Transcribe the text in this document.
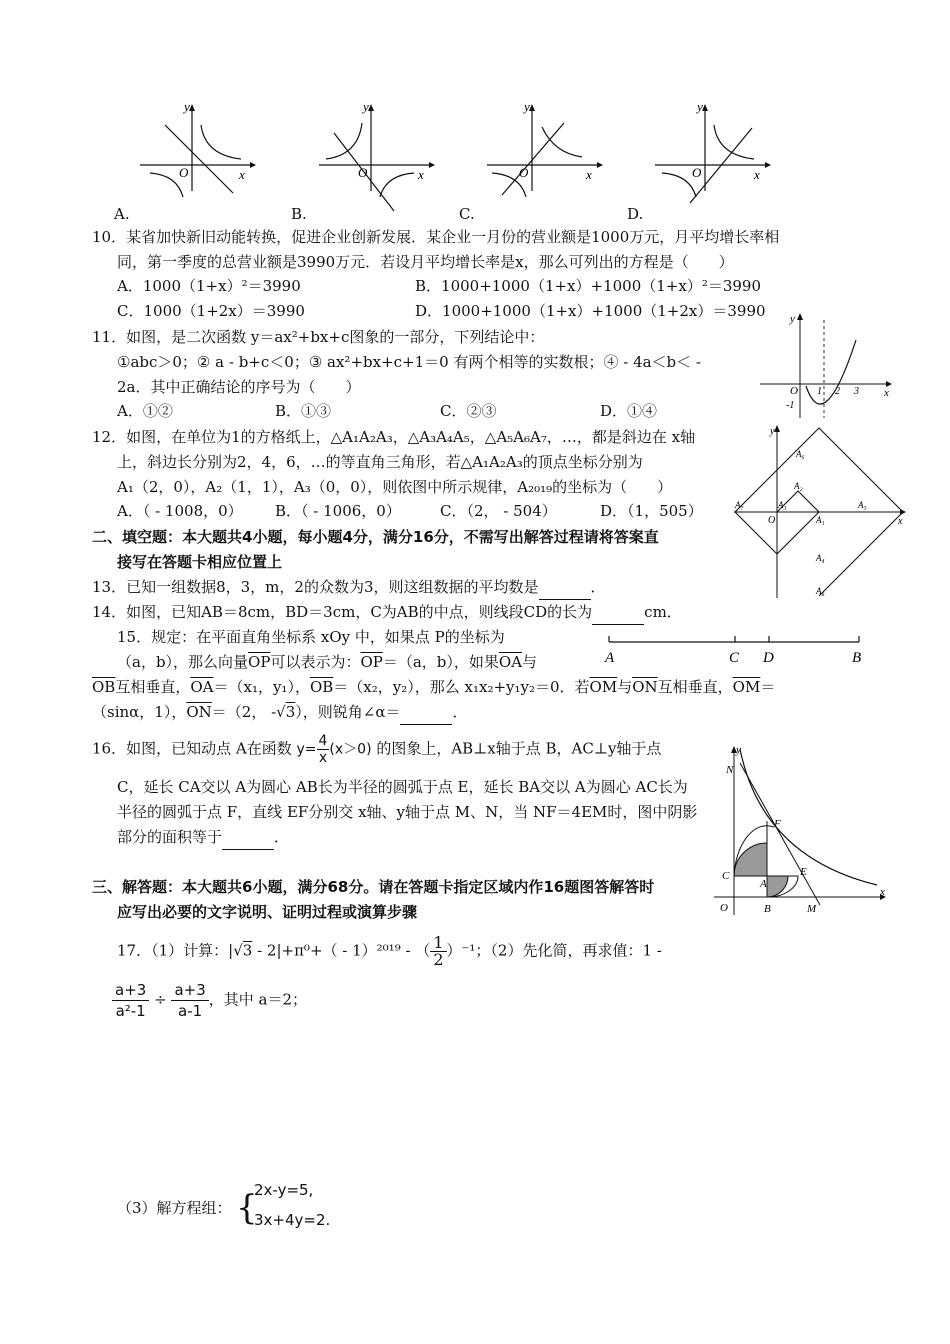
y
x
O
y
x
O
y
x
O
y
x
O
A.	B.	C.	D.
10．某省加快新旧动能转换，促进企业创新发展．某企业一月份的营业额是1000万元，月平均增长率相
同，第一季度的总营业额是3990万元．若设月平均增长率是x，那么可列出的方程是（　　）
A．1000（1+x）²＝3990	B．1000+1000（1+x）+1000（1+x）²＝3990
C．1000（1+2x）＝3990	D．1000+1000（1+x）+1000（1+2x）＝3990
11．如图，是二次函数 y＝ax²+bx+c图象的一部分，下列结论中：
①abc＞0；② a - b+c＜0；③ ax²+bx+c+1＝0 有两个相等的实数根；④ - 4a＜b＜ -
2a．其中正确结论的序号为（　　）
A．①②	B．①③	C．②③	D．①④
y
x
O 1 2 3
-1
12．如图，在单位为1的方格纸上，△A₁A₂A₃，△A₃A₄A₅，△A₅A₆A₇，…，都是斜边在 x轴
上，斜边长分别为2，4，6，…的等直角三角形，若△A₁A₂A₃的顶点坐标分别为
A₁（2，0），A₂（1，1），A₃（0，0），则依图中所示规律，A₂₀₁₉的坐标为（　　）
A．（ - 1008，0） B．（ - 1006，0）	C．（2， - 504）	D．（1，505）
y
x
O	A₁
A₂
A₃
A₄
A₅
A₆
A₇
A₈
二、填空题：本大题共4小题，每小题4分，满分16分，不需写出解答过程请将答案直
接写在答题卡相应位置上
13．已知一组数据8，3，m，2的众数为3，则这组数据的平均数是	．
14．如图，已知AB＝8cm，BD＝3cm，C为AB的中点，则线段CD的长为	cm．
15．规定：在平面直角坐标系 xOy 中，如果点 P的坐标为
（a，b），那么向量$\overline{OP}$可以表示为：$\overline{OP}=(a$，b），如果$\overline{OA}$与
$\overline{OB}$互相垂直，$\overline{OA}=(x_1$，y₁），$\overline{OB}=(x_2$，y₂），那么 x₁x₂+y₁y₂＝0．若$\overline{OM}$与$\overline{ON}$互相垂直，$\overline{OM}=$
（sinα，1），$\overline{ON}=(2$， -√3），则锐角∠α＝	．
A	C D	B
16．如图，已知动点 A在函数 $y= \frac{4}{x} (x>0)$ 的图象上，AB⊥x轴于点 B，AC⊥y轴于点
C，延长 CA交以 A为圆心 AB长为半径的圆弧于点 E，延长 BA交以 A为圆心 AC长为
半径的圆弧于点 F，直线 EF分别交 x轴、y轴于点 M、N，当 NF＝4EM时，图中阴影
部分的面积等于	．
y
x
O
N
F
C
A
E
B	M
三、解答题：本大题共6小题，满分68分。请在答题卡指定区域内作16题图答解答时
应写出必要的文字说明、证明过程或演算步骤
17．（1）计算：|√3 - 2|+π⁰+（ - 1）²⁰¹⁹ - （ $\frac{1}{2} )^{-1}$；（2）先化简，再求值：1 -
$\frac{a+3}{\text{a²-1}} \div \frac{a+3}{a-1}$ ，其中 a＝2；
（3）解方程组： {
2x-y=5,
3x+4y=2.
